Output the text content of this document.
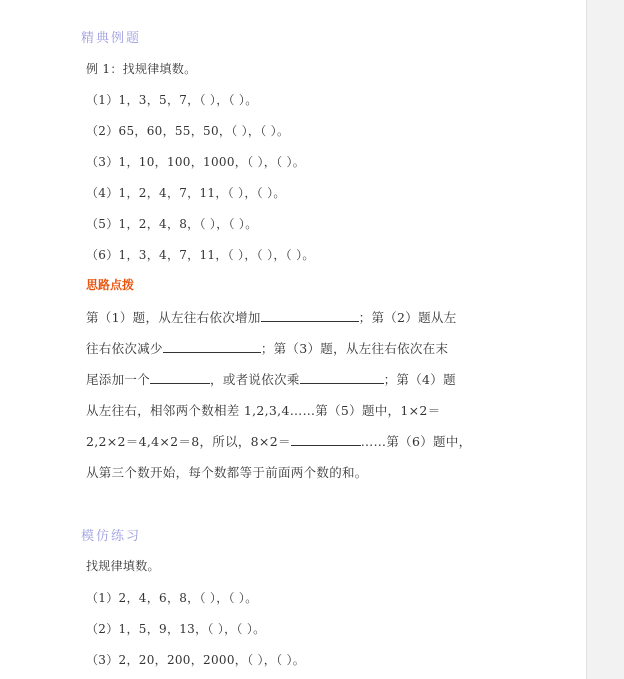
精典例题
例 1：找规律填数。
（1）1，3，5，7，（ ），（ ）。
（2）65，60，55，50，（ ），（ ）。
（3）1，10，100，1000，（ ），（ ）。
（4）1，2，4，7，11，（ ），（ ）。
（5）1，2，4，8，（ ），（ ）。
（6）1，3，4，7，11，（ ），（ ），（ ）。
思路点拨
第（1）题，从左往右依次增加	；第（2）题从左
往右依次减少	；第（3）题，从左往右依次在末
尾添加一个	，或者说依次乘	；第（4）题
从左往右，相邻两个数相差 1,2,3,4……第（5）题中，1×2＝
2,2×2＝4,4×2＝8，所以，8×2＝	……第（6）题中，
从第三个数开始，每个数都等于前面两个数的和。
模仿练习
找规律填数。
（1）2，4，6，8，（ ），（ ）。
（2）1，5，9，13，（ ），（ ）。
（3）2，20，200，2000，（ ），（ ）。
